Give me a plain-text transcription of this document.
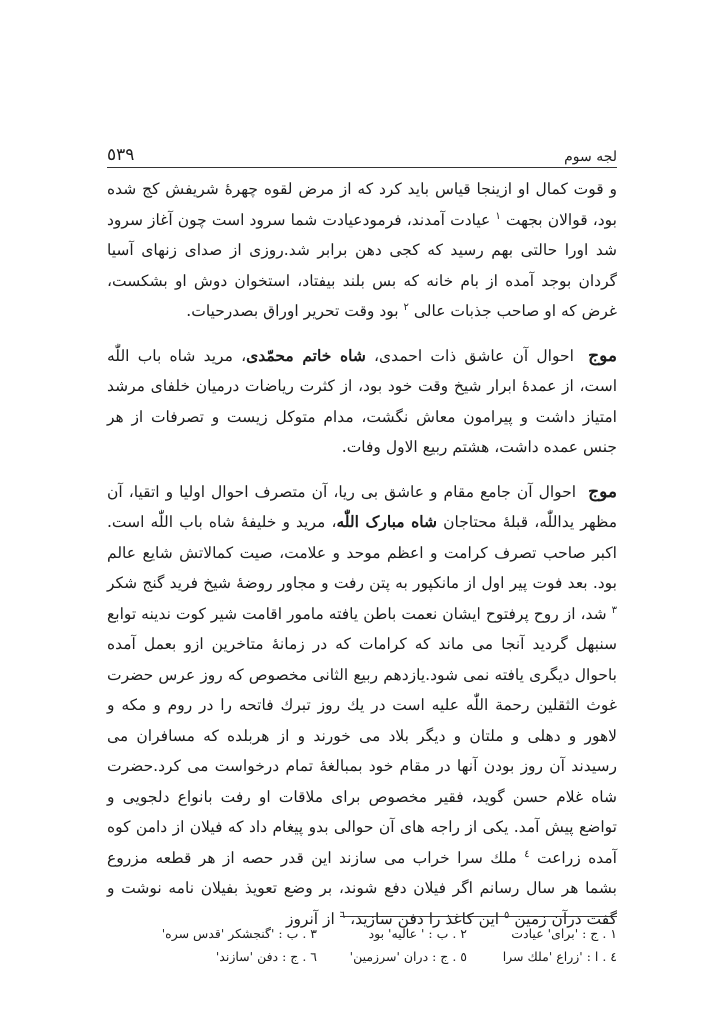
لجه سوم
٥٣٩

و قوت کمال او ازینجا قیاس باید کرد که از مرض لقوه چهرهٔ شریفش کج شده بود، قوالان بجهت $^١$ عیادت آمدند، فرمودعیادت شما سرود است چون آغاز سرود شد اورا حالتی بهم رسید که کجی دهن برابر شد.روزی از صدای زنهای آسیا گردان بوجد آمده از بام خانه که بس بلند بیفتاد، استخوان دوش او بشکست، غرض که او صاحب جذبات عالی $^٢$ بود وقت تحریر اوراق بصدرحیات.

موج احوال آن عاشق ذات احمدی، شاه خاتم محمّدی، مرید شاه باب اللّٰه است، از عمدهٔ ابرار شیخ وقت خود بود، از کثرت ریاضات درمیان خلفای مرشد امتیاز داشت و پیرامون معاش نگشت، مدام متوکل زیست و تصرفات از هر جنس عمده داشت، هشتم ربیع الاول وفات.

موج احوال آن جامع مقام و عاشق بی ریا، آن متصرف احوال اولیا و اتقیا، آن مظهر یداللّٰه، قبلهٔ محتاجان شاه مبارک اللّٰه، مرید و خلیفهٔ شاه باب اللّٰه است. اکبر صاحب تصرف کرامت و اعظم موحد و علامت، صیت کمالاتش شایع عالم بود. بعد فوت پیر اول از مانکپور به پتن رفت و مجاور روضهٔ شیخ فرید گنج شکر $^٣$ شد، از روح پرفتوح ایشان نعمت باطن یافته مامور اقامت شیر کوت ندینه توابع سنبهل گردید آنجا می ماند که کرامات که در زمانهٔ متاخرین ازو بعمل آمده باحوال دیگری یافته نمی شود.یازدهم ربیع الثانی مخصوص که روز عرس حضرت غوث الثقلین رحمة اللّٰه علیه است در یك روز تبرك فاتحه را در روم و مکه و لاهور و دهلی و ملتان و دیگر بلاد می خورند و از هربلده که مسافران می رسیدند آن روز بودن آنها در مقام خود بمبالغهٔ تمام درخواست می کرد.حضرت شاه غلام حسن گوید، فقیر مخصوص برای ملاقات او رفت بانواع دلجویی و تواضع پیش آمد. یکی از راجه های آن حوالی بدو پیغام داد که فیلان از دامن کوه آمده زراعت $^٤$ ملك سرا خراب می سازند این قدر حصه از هر قطعه مزروع بشما هر سال رسانم اگر فیلان دفع شوند، بر وضع تعویذ بفیلان نامه نوشت و گفت درآن زمین $^٥$ این کاغذ را دفن سازید، $^٦$ از آنروز

١ . ج : 'برای' عیادت
٢ . ب : ' عالیه' بود
٣ . ب : 'گنجشکر 'قدس سره'
٤ . ا : 'زراع 'ملك سرا
٥ . ج : دران 'سرزمین'
٦ . ج : دفن 'سازند'
